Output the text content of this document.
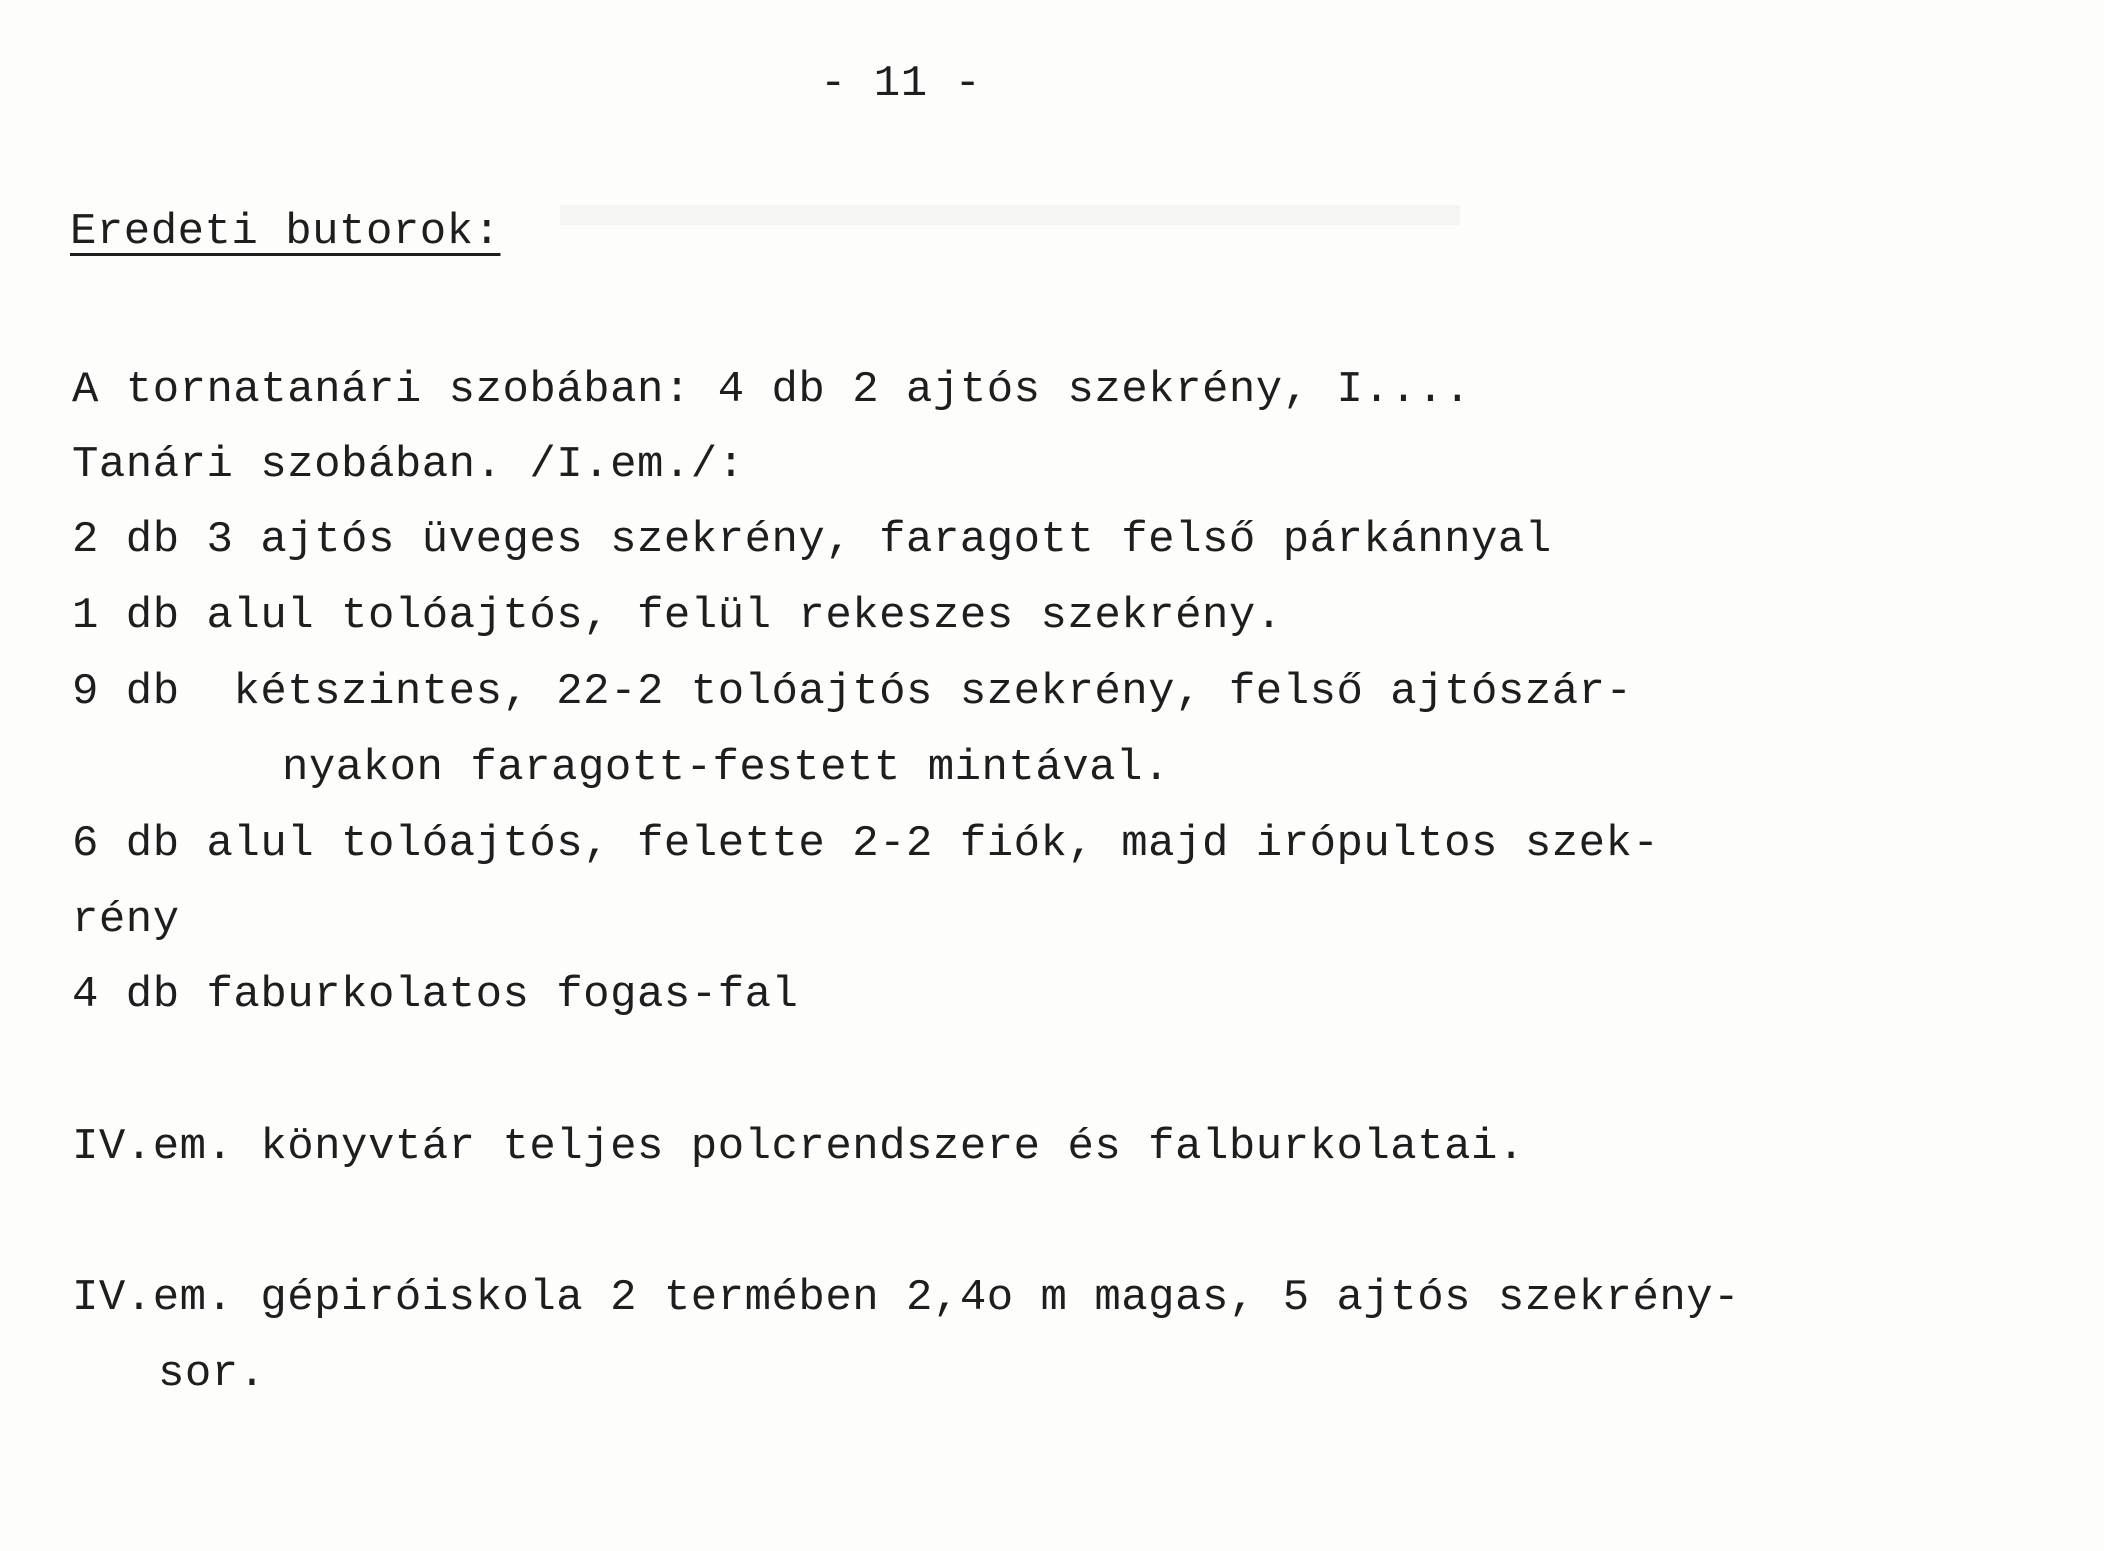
- 11 -
Eredeti butorok:
A tornatanári szobában: 4 db 2 ajtós szekrény, I....
Tanári szobában. /I.em./:
2 db 3 ajtós üveges szekrény, faragott felső párkánnyal
1 db alul tolóajtós, felül rekeszes szekrény.
9 db  kétszintes, 22-2 tolóajtós szekrény, felső ajtószár-
nyakon faragott-festett mintával.
6 db alul tolóajtós, felette 2-2 fiók, majd irópultos szek-
rény
4 db faburkolatos fogas-fal
IV.em. könyvtár teljes polcrendszere és falburkolatai.
IV.em. gépiróiskola 2 termében 2,4o m magas, 5 ajtós szekrény-
sor.
